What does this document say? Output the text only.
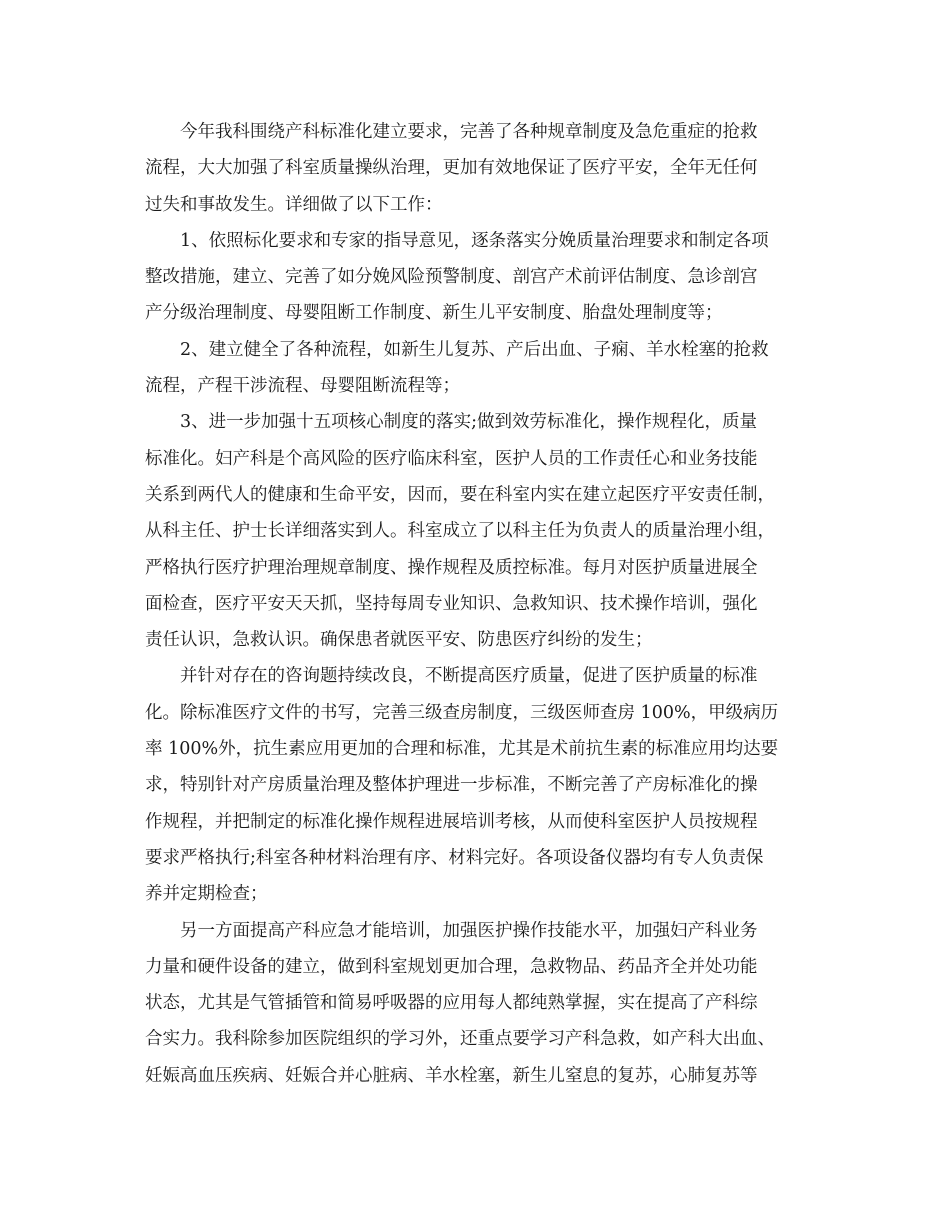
今年我科围绕产科标准化建立要求，完善了各种规章制度及急危重症的抢救
流程，大大加强了科室质量操纵治理，更加有效地保证了医疗平安，全年无任何
过失和事故发生。详细做了以下工作：
1、依照标化要求和专家的指导意见，逐条落实分娩质量治理要求和制定各项
整改措施，建立、完善了如分娩风险预警制度、剖宫产术前评估制度、急诊剖宫
产分级治理制度、母婴阻断工作制度、新生儿平安制度、胎盘处理制度等；
2、建立健全了各种流程，如新生儿复苏、产后出血、子痫、羊水栓塞的抢救
流程，产程干涉流程、母婴阻断流程等；
3、进一步加强十五项核心制度的落实;做到效劳标准化，操作规程化，质量
标准化。妇产科是个高风险的医疗临床科室，医护人员的工作责任心和业务技能
关系到两代人的健康和生命平安，因而，要在科室内实在建立起医疗平安责任制，
从科主任、护士长详细落实到人。科室成立了以科主任为负责人的质量治理小组，
严格执行医疗护理治理规章制度、操作规程及质控标准。每月对医护质量进展全
面检查，医疗平安天天抓，坚持每周专业知识、急救知识、技术操作培训，强化
责任认识，急救认识。确保患者就医平安、防患医疗纠纷的发生；
并针对存在的咨询题持续改良，不断提高医疗质量，促进了医护质量的标准
化。除标准医疗文件的书写，完善三级查房制度，三级医师查房 100%，甲级病历
率 100%外，抗生素应用更加的合理和标准，尤其是术前抗生素的标准应用均达要
求，特别针对产房质量治理及整体护理进一步标准，不断完善了产房标准化的操
作规程，并把制定的标准化操作规程进展培训考核，从而使科室医护人员按规程
要求严格执行;科室各种材料治理有序、材料完好。各项设备仪器均有专人负责保
养并定期检查；
另一方面提高产科应急才能培训，加强医护操作技能水平，加强妇产科业务
力量和硬件设备的建立，做到科室规划更加合理，急救物品、药品齐全并处功能
状态，尤其是气管插管和简易呼吸器的应用每人都纯熟掌握，实在提高了产科综
合实力。我科除参加医院组织的学习外，还重点要学习产科急救，如产科大出血、
妊娠高血压疾病、妊娠合并心脏病、羊水栓塞，新生儿窒息的复苏，心肺复苏等
